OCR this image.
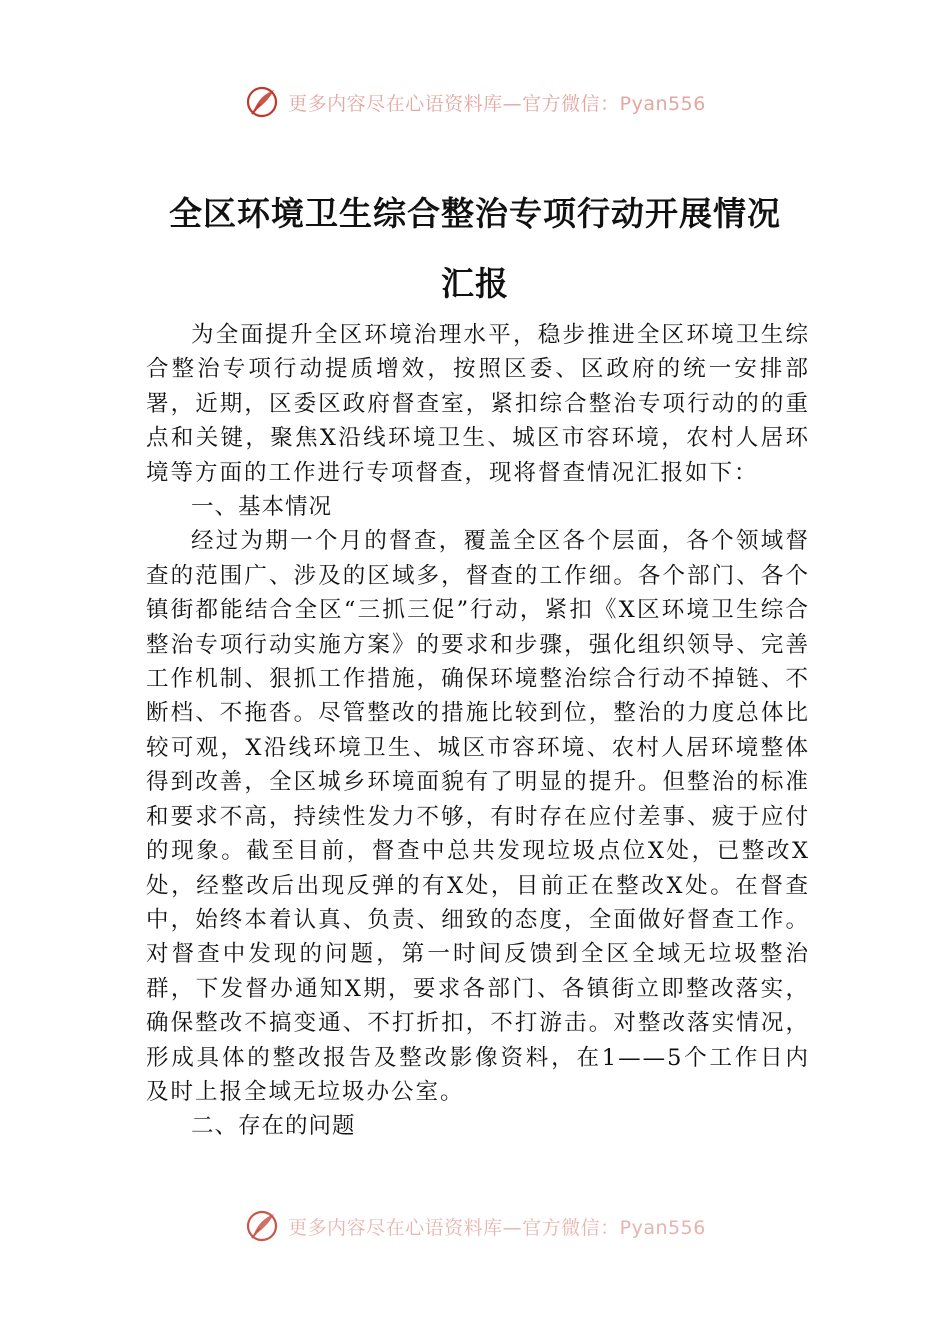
更多内容尽在心语资料库—官方微信：Pyan556
全区环境卫生综合整治专项行动开展情况
汇报

为全面提升全区环境治理水平，稳步推进全区环境卫生综合整治专项行动提质增效，按照区委、区政府的统一安排部署，近期，区委区政府督查室，紧扣综合整治专项行动的的重点和关键，聚焦X沿线环境卫生、城区市容环境，农村人居环境等方面的工作进行专项督查，现将督查情况汇报如下：

一、基本情况

经过为期一个月的督查，覆盖全区各个层面，各个领域督查的范围广、涉及的区域多，督查的工作细。各个部门、各个镇街都能结合全区“三抓三促”行动，紧扣《X区环境卫生综合整治专项行动实施方案》的要求和步骤，强化组织领导、完善工作机制、狠抓工作措施，确保环境整治综合行动不掉链、不断档、不拖沓。尽管整改的措施比较到位，整治的力度总体比较可观，X沿线环境卫生、城区市容环境、农村人居环境整体得到改善，全区城乡环境面貌有了明显的提升。但整治的标准和要求不高，持续性发力不够，有时存在应付差事、疲于应付的现象。截至目前，督查中总共发现垃圾点位X处，已整改X处，经整改后出现反弹的有X处，目前正在整改X处。在督查中，始终本着认真、负责、细致的态度，全面做好督查工作。对督查中发现的问题，第一时间反馈到全区全域无垃圾整治群，下发督办通知X期，要求各部门、各镇街立即整改落实，确保整改不搞变通、不打折扣，不打游击。对整改落实情况，形成具体的整改报告及整改影像资料，在1——5个工作日内及时上报全域无垃圾办公室。

二、存在的问题

更多内容尽在心语资料库—官方微信：Pyan556
